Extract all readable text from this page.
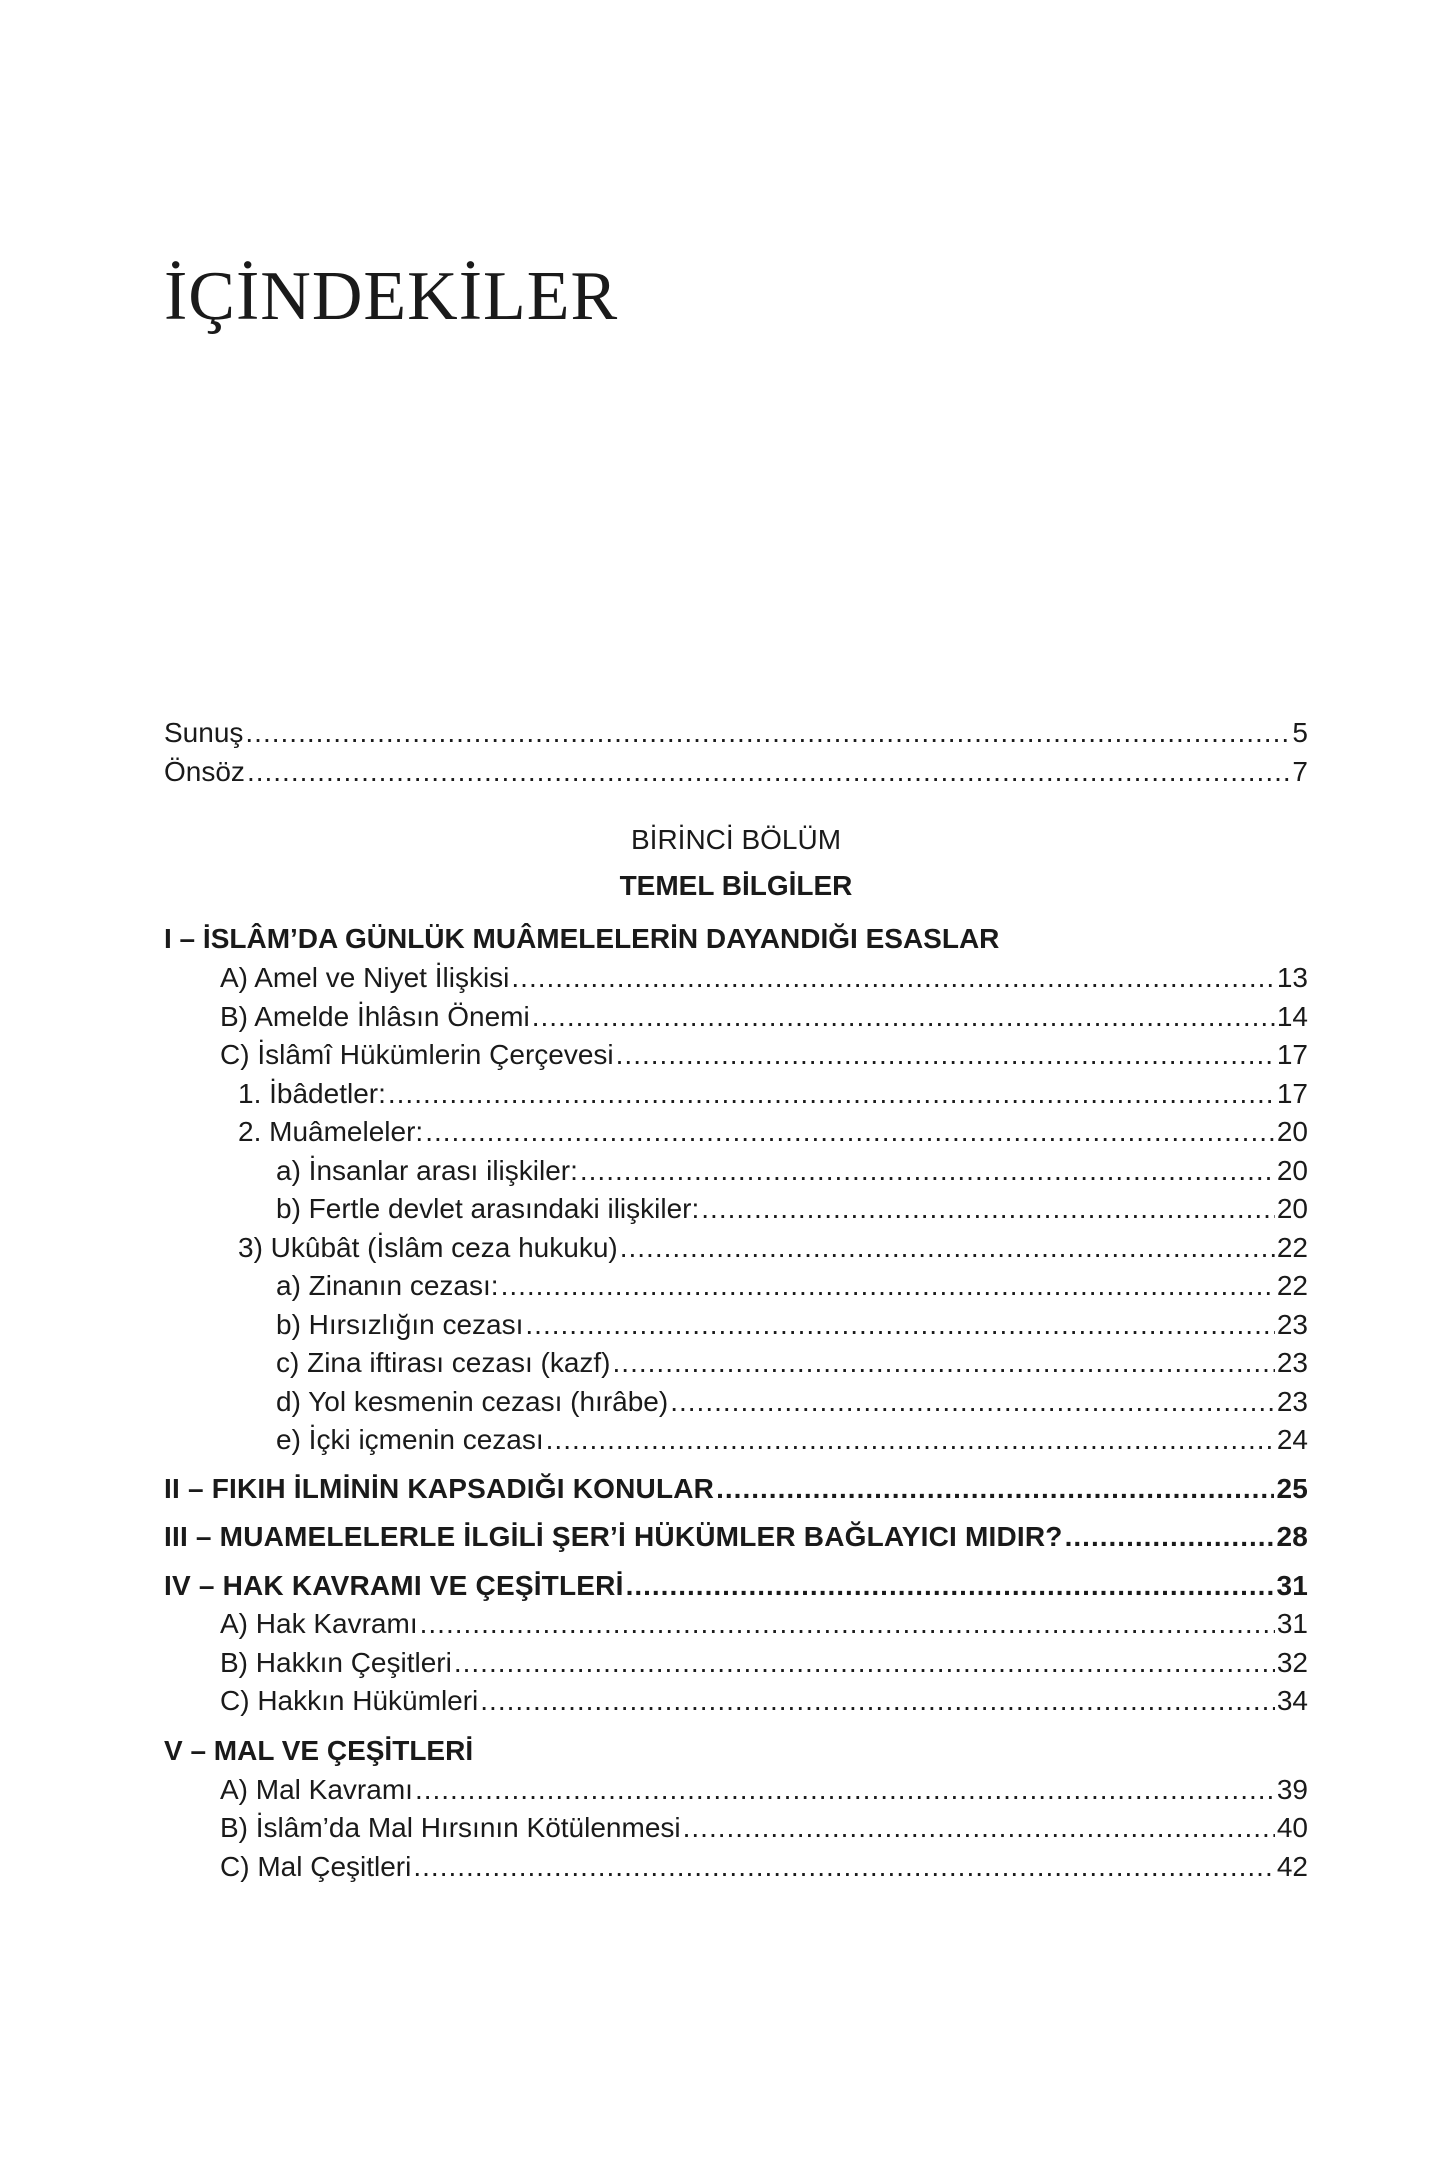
İÇİNDEKİLER
Sunuş .....	5
Önsöz .....	7
BİRİNCİ BÖLÜM
TEMEL BİLGİLER
I – İSLÂM’DA GÜNLÜK MUÂMELELERİN DAYANDIĞI ESASLAR
A) Amel ve Niyet İlişkisi .....	13
B) Amelde İhlâsın Önemi .....	14
C) İslâmî Hükümlerin Çerçevesi .....	17
1. İbâdetler: .....	17
2. Muâmeleler: .....	20
a) İnsanlar arası ilişkiler: .....	20
b) Fertle devlet arasındaki ilişkiler: .....	20
3) Ukûbât (İslâm ceza hukuku) .....	22
a) Zinanın cezası: .....	22
b) Hırsızlığın cezası .....	23
c) Zina iftirası cezası (kazf) .....	23
d) Yol kesmenin cezası (hırâbe) .....	23
e) İçki içmenin cezası .....	24
II – FIKIH İLMİNİN KAPSADIĞI KONULAR .....	25
III – MUAMELELERLE İLGİLİ ŞER’İ HÜKÜMLER BAĞLAYICI MIDIR? .....	28
IV – HAK KAVRAMI VE ÇEŞİTLERİ .....	31
A) Hak Kavramı .....	31
B) Hakkın Çeşitleri .....	32
C) Hakkın Hükümleri .....	34
V – MAL VE ÇEŞİTLERİ
A) Mal Kavramı .....	39
B) İslâm’da Mal Hırsının Kötülenmesi .....	40
C) Mal Çeşitleri .....	42
